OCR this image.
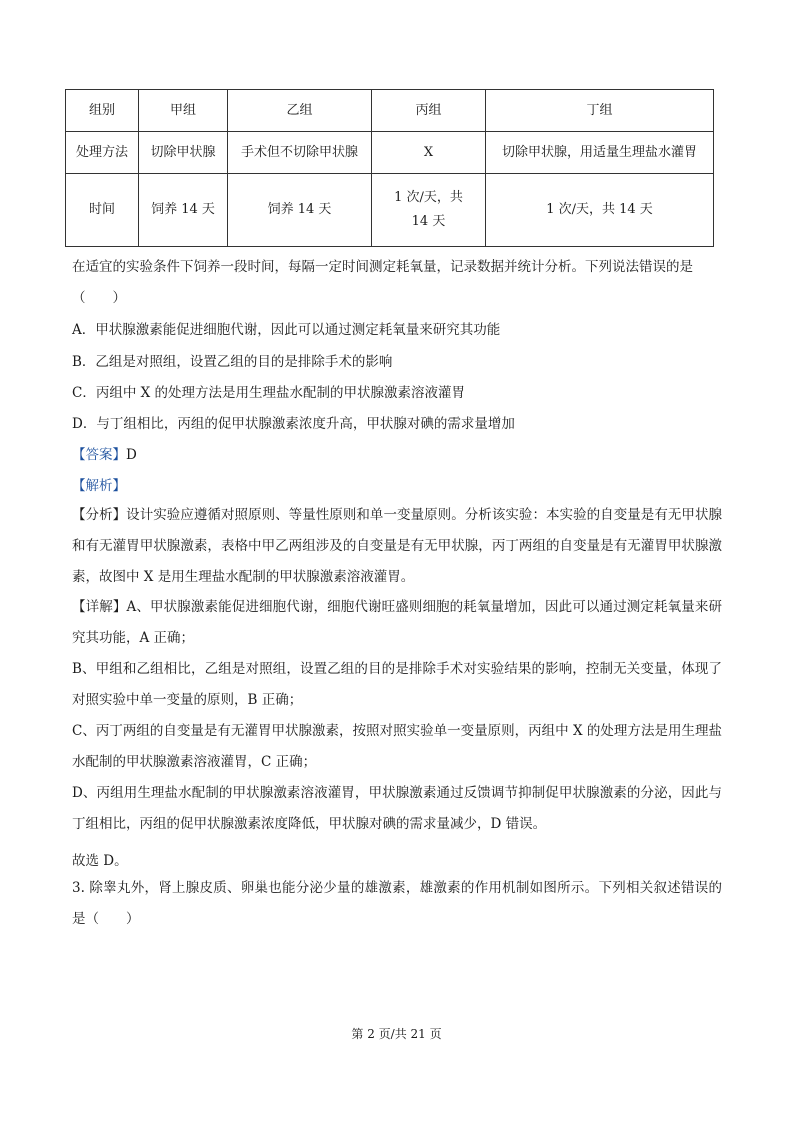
组别	甲组	乙组	丙组	丁组
处理方法	切除甲状腺	手术但不切除甲状腺	X	切除甲状腺，用适量生理盐水灌胃
时间	饲养 14 天	饲养 14 天	1 次/天，共 14 天	1 次/天，共 14 天
在适宜的实验条件下饲养一段时间，每隔一定时间测定耗氧量，记录数据并统计分析。下列说法错误的是
（　　）
A．甲状腺激素能促进细胞代谢，因此可以通过测定耗氧量来研究其功能
B．乙组是对照组，设置乙组的目的是排除手术的影响
C．丙组中 X 的处理方法是用生理盐水配制的甲状腺激素溶液灌胃
D．与丁组相比，丙组的促甲状腺激素浓度升高，甲状腺对碘的需求量增加
【答案】D
【解析】
【分析】设计实验应遵循对照原则、等量性原则和单一变量原则。分析该实验：本实验的自变量是有无甲状腺和有无灌胃甲状腺激素，表格中甲乙两组涉及的自变量是有无甲状腺，丙丁两组的自变量是有无灌胃甲状腺激素，故图中 X 是用生理盐水配制的甲状腺激素溶液灌胃。
【详解】A、甲状腺激素能促进细胞代谢，细胞代谢旺盛则细胞的耗氧量增加，因此可以通过测定耗氧量来研究其功能，A 正确；
B、甲组和乙组相比，乙组是对照组，设置乙组的目的是排除手术对实验结果的影响，控制无关变量，体现了对照实验中单一变量的原则，B 正确；
C、丙丁两组的自变量是有无灌胃甲状腺激素，按照对照实验单一变量原则，丙组中 X 的处理方法是用生理盐水配制的甲状腺激素溶液灌胃，C 正确；
D、丙组用生理盐水配制的甲状腺激素溶液灌胃，甲状腺激素通过反馈调节抑制促甲状腺激素的分泌，因此与丁组相比，丙组的促甲状腺激素浓度降低，甲状腺对碘的需求量减少，D 错误。
故选 D。
3. 除睾丸外，肾上腺皮质、卵巢也能分泌少量的雄激素，雄激素的作用机制如图所示。下列相关叙述错误的是（　　）
第 2 页/共 21 页
